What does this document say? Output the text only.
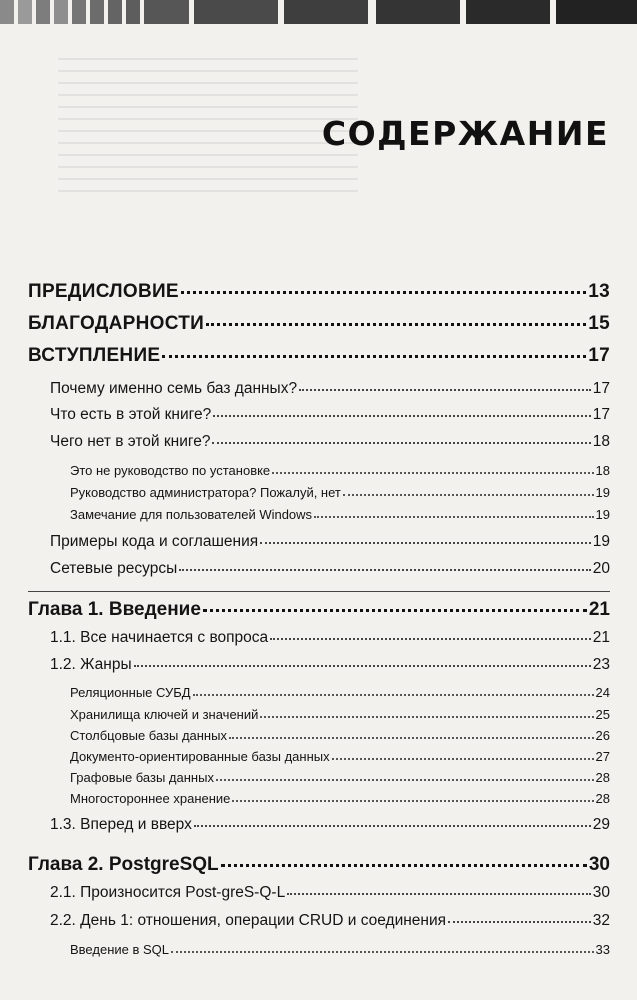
СОДЕРЖАНИЕ
ПРЕДИСЛОВИЕ	13
БЛАГОДАРНОСТИ	15
ВСТУПЛЕНИЕ	17
Почему именно семь баз данных?	17
Что есть в этой книге?	17
Чего нет в этой книге?	18
Это не руководство по установке	18
Руководство администратора? Пожалуй, нет	19
Замечание для пользователей Windows	19
Примеры кода и соглашения	19
Сетевые ресурсы	20
Глава 1. Введение	21
1.1. Все начинается с вопроса	21
1.2. Жанры	23
Реляционные СУБД	24
Хранилища ключей и значений	25
Столбцовые базы данных	26
Документо-ориентированные базы данных	27
Графовые базы данных	28
Многостороннее хранение	28
1.3. Вперед и вверх	29
Глава 2. PostgreSQL	30
2.1. Произносится Post-greS-Q-L	30
2.2. День 1: отношения, операции CRUD и соединения	32
Введение в SQL	33
